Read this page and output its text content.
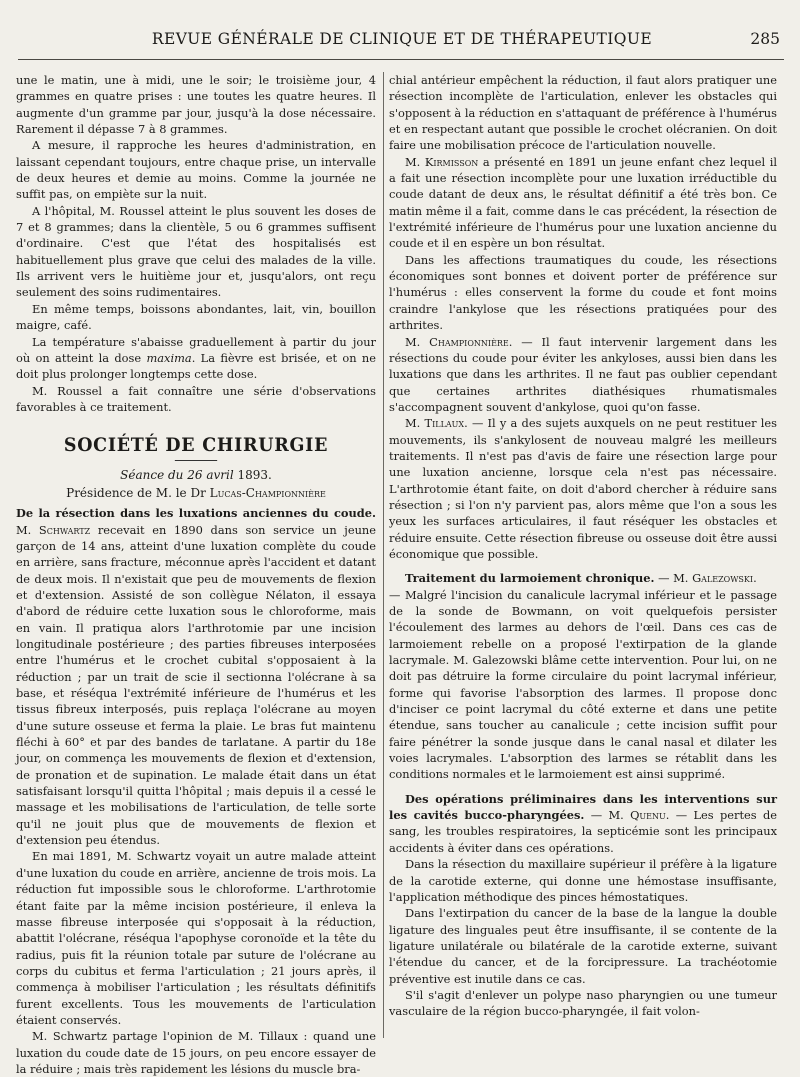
REVUE GÉNÉRALE DE CLINIQUE ET DE THÉRAPEUTIQUE	285

une le matin, une à midi, une le soir; le troisième jour, 4 grammes en quatre prises : une toutes les quatre heures. Il augmente d'un gramme par jour, jusqu'à la dose nécessaire. Rarement il dépasse 7 à 8 grammes.

A mesure, il rapproche les heures d'administration, en laissant cependant toujours, entre chaque prise, un intervalle de deux heures et demie au moins. Comme la journée ne suffit pas, on empiète sur la nuit.

A l'hôpital, M. Roussel atteint le plus souvent les doses de 7 et 8 grammes; dans la clientèle, 5 ou 6 grammes suffisent d'ordinaire. C'est que l'état des hospitalisés est habituellement plus grave que celui des malades de la ville. Ils arrivent vers le huitième jour et, jusqu'alors, ont reçu seulement des soins rudimentaires.

En même temps, boissons abondantes, lait, vin, bouillon maigre, café.

La température s'abaisse graduellement à partir du jour où on atteint la dose maxima. La fièvre est brisée, et on ne doit plus prolonger longtemps cette dose.

M. Roussel a fait connaître une série d'observations favorables à ce traitement.

SOCIÉTÉ DE CHIRURGIE
Séance du 26 avril 1893.
Présidence de M. le Dr Lucas-Championnière

De la résection dans les luxations anciennes du coude. M. Schwartz recevait en 1890 dans son service un jeune garçon de 14 ans, atteint d'une luxation complète du coude en arrière, sans fracture, méconnue après l'accident et datant de deux mois. Il n'existait que peu de mouvements de flexion et d'extension. Assisté de son collègue Nélaton, il essaya d'abord de réduire cette luxation sous le chloroforme, mais en vain. Il pratiqua alors l'arthrotomie par une incision longitudinale postérieure ; des parties fibreuses interposées entre l'humérus et le crochet cubital s'opposaient à la réduction ; par un trait de scie il sectionna l'olécrane à sa base, et réséqua l'extrémité inférieure de l'humérus et les tissus fibreux interposés, puis replaça l'olécrane au moyen d'une suture osseuse et ferma la plaie. Le bras fut maintenu fléchi à 60° et par des bandes de tarlatane. A partir du 18e jour, on commença les mouvements de flexion et d'extension, de pronation et de supination. Le malade était dans un état satisfaisant lorsqu'il quitta l'hôpital ; mais depuis il a cessé le massage et les mobilisations de l'articulation, de telle sorte qu'il ne jouit plus que de mouvements de flexion et d'extension peu étendus.

En mai 1891, M. Schwartz voyait un autre malade atteint d'une luxation du coude en arrière, ancienne de trois mois. La réduction fut impossible sous le chloroforme. L'arthrotomie étant faite par la même incision postérieure, il enleva la masse fibreuse interposée qui s'opposait à la réduction, abattit l'olécrane, réséqua l'apophyse coronoïde et la tête du radius, puis fit la réunion totale par suture de l'olécrane au corps du cubitus et ferma l'articulation ; 21 jours après, il commença à mobiliser l'articulation ; les résultats définitifs furent excellents. Tous les mouvements de l'articulation étaient conservés.

M. Schwartz partage l'opinion de M. Tillaux : quand une luxation du coude date de 15 jours, on peu encore essayer de la réduire ; mais très rapidement les lésions du muscle bra-

chial antérieur empêchent la réduction, il faut alors pratiquer une résection incomplète de l'articulation, enlever les obstacles qui s'opposent à la réduction en s'attaquant de préférence à l'humérus et en respectant autant que possible le crochet olécranien. On doit faire une mobilisation précoce de l'articulation nouvelle.

M. Kirmisson a présenté en 1891 un jeune enfant chez lequel il a fait une résection incomplète pour une luxation irréductible du coude datant de deux ans, le résultat définitif a été très bon. Ce matin même il a fait, comme dans le cas précédent, la résection de l'extrémité inférieure de l'humérus pour une luxation ancienne du coude et il en espère un bon résultat.

Dans les affections traumatiques du coude, les résections économiques sont bonnes et doivent porter de préférence sur l'humérus : elles conservent la forme du coude et font moins craindre l'ankylose que les résections pratiquées pour des arthrites.

M. Championnière. — Il faut intervenir largement dans les résections du coude pour éviter les ankyloses, aussi bien dans les luxations que dans les arthrites. Il ne faut pas oublier cependant que certaines arthrites diathésiques rhumatismales s'accompagnent souvent d'ankylose, quoi qu'on fasse.

M. Tillaux. — Il y a des sujets auxquels on ne peut restituer les mouvements, ils s'ankylosent de nouveau malgré les meilleurs traitements. Il n'est pas d'avis de faire une résection large pour une luxation ancienne, lorsque cela n'est pas nécessaire. L'arthrotomie étant faite, on doit d'abord chercher à réduire sans résection ; si l'on n'y parvient pas, alors même que l'on a sous les yeux les surfaces articulaires, il faut réséquer les obstacles et réduire ensuite. Cette résection fibreuse ou osseuse doit être aussi économique que possible.

Traitement du larmoiement chronique. — M. Galezowski.

— Malgré l'incision du canalicule lacrymal inférieur et le passage de la sonde de Bowmann, on voit quelquefois persister l'écoulement des larmes au dehors de l'œil. Dans ces cas de larmoiement rebelle on a proposé l'extirpation de la glande lacrymale. M. Galezowski blâme cette intervention. Pour lui, on ne doit pas détruire la forme circulaire du point lacrymal inférieur, forme qui favorise l'absorption des larmes. Il propose donc d'inciser ce point lacrymal du côté externe et dans une petite étendue, sans toucher au canalicule ; cette incision suffit pour faire pénétrer la sonde jusque dans le canal nasal et dilater les voies lacrymales. L'absorption des larmes se rétablit dans les conditions normales et le larmoiement est ainsi supprimé.

Des opérations préliminaires dans les interventions sur les cavités bucco-pharyngées. — M. Quenu. — Les pertes de sang, les troubles respiratoires, la septicémie sont les principaux accidents à éviter dans ces opérations.

Dans la résection du maxillaire supérieur il préfère à la ligature de la carotide externe, qui donne une hémostase insuffisante, l'application méthodique des pinces hémostatiques.

Dans l'extirpation du cancer de la base de la langue la double ligature des linguales peut être insuffisante, il se contente de la ligature unilatérale ou bilatérale de la carotide externe, suivant l'étendue du cancer, et de la forcipressure. La trachéotomie préventive est inutile dans ce cas.

S'il s'agit d'enlever un polype naso pharyngien ou une tumeur vasculaire de la région bucco-pharyngée, il fait volon-
